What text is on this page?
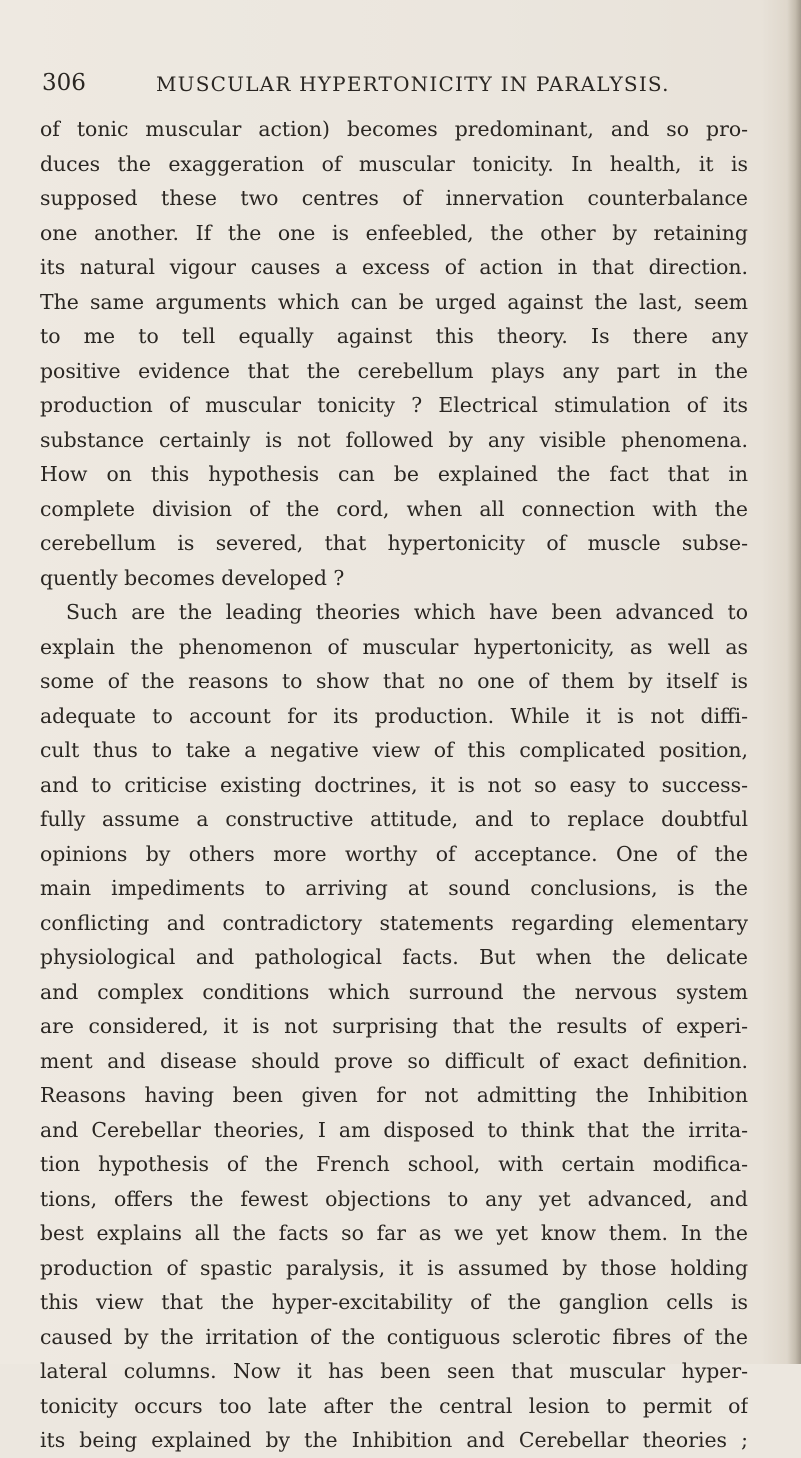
306	MUSCULAR HYPERTONICITY IN PARALYSIS.
of tonic muscular action) becomes predominant, and so pro-
duces the exaggeration of muscular tonicity. In health, it is
supposed these two centres of innervation counterbalance
one another. If the one is enfeebled, the other by retaining
its natural vigour causes a excess of action in that direction.
The same arguments which can be urged against the last, seem
to me to tell equally against this theory. Is there any
positive evidence that the cerebellum plays any part in the
production of muscular tonicity ? Electrical stimulation of its
substance certainly is not followed by any visible phenomena.
How on this hypothesis can be explained the fact that in
complete division of the cord, when all connection with the
cerebellum is severed, that hypertonicity of muscle subse-
quently becomes developed ?
Such are the leading theories which have been advanced to
explain the phenomenon of muscular hypertonicity, as well as
some of the reasons to show that no one of them by itself is
adequate to account for its production. While it is not diffi-
cult thus to take a negative view of this complicated position,
and to criticise existing doctrines, it is not so easy to success-
fully assume a constructive attitude, and to replace doubtful
opinions by others more worthy of acceptance. One of the
main impediments to arriving at sound conclusions, is the
conflicting and contradictory statements regarding elementary
physiological and pathological facts. But when the delicate
and complex conditions which surround the nervous system
are considered, it is not surprising that the results of experi-
ment and disease should prove so difficult of exact definition.
Reasons having been given for not admitting the Inhibition
and Cerebellar theories, I am disposed to think that the irrita-
tion hypothesis of the French school, with certain modifica-
tions, offers the fewest objections to any yet advanced, and
best explains all the facts so far as we yet know them. In the
production of spastic paralysis, it is assumed by those holding
this view that the hyper-excitability of the ganglion cells is
caused by the irritation of the contiguous sclerotic fibres of the
lateral columns. Now it has been seen that muscular hyper-
tonicity occurs too late after the central lesion to permit of
its being explained by the Inhibition and Cerebellar theories ;
